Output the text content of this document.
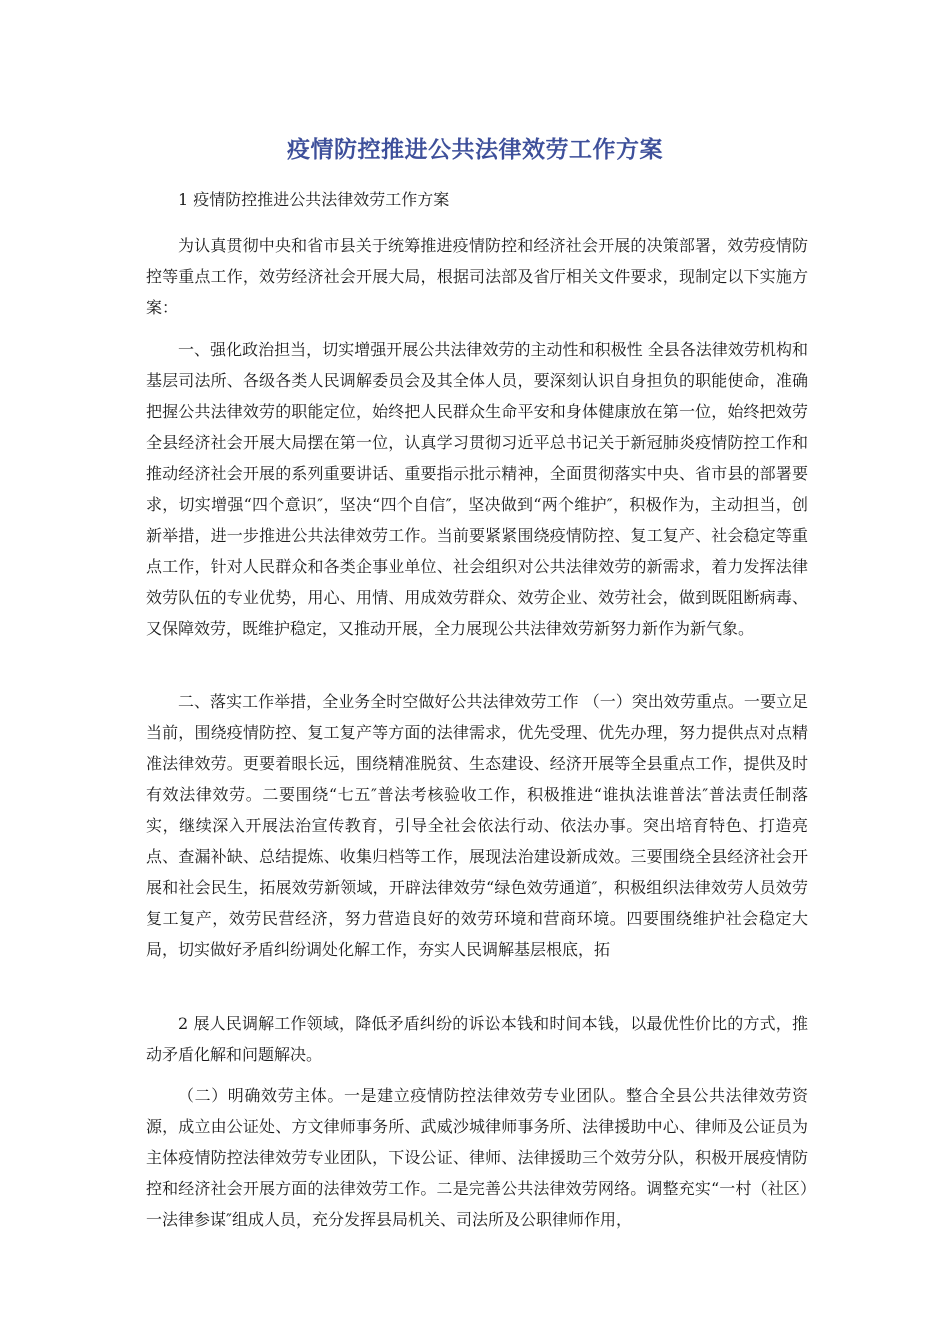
疫情防控推进公共法律效劳工作方案
1 疫情防控推进公共法律效劳工作方案
为认真贯彻中央和省市县关于统筹推进疫情防控和经济社会开展的决策部署，效劳疫情防控等重点工作，效劳经济社会开展大局，根据司法部及省厅相关文件要求，现制定以下实施方案：
一、强化政治担当，切实增强开展公共法律效劳的主动性和积极性 全县各法律效劳机构和基层司法所、各级各类人民调解委员会及其全体人员，要深刻认识自身担负的职能使命，准确把握公共法律效劳的职能定位，始终把人民群众生命平安和身体健康放在第一位，始终把效劳全县经济社会开展大局摆在第一位，认真学习贯彻习近平总书记关于新冠肺炎疫情防控工作和推动经济社会开展的系列重要讲话、重要指示批示精神，全面贯彻落实中央、省市县的部署要求，切实增强“四个意识″，坚决“四个自信″，坚决做到“两个维护″，积极作为，主动担当，创新举措，进一步推进公共法律效劳工作。当前要紧紧围绕疫情防控、复工复产、社会稳定等重点工作，针对人民群众和各类企事业单位、社会组织对公共法律效劳的新需求，着力发挥法律效劳队伍的专业优势，用心、用情、用成效劳群众、效劳企业、效劳社会，做到既阻断病毒、又保障效劳，既维护稳定，又推动开展，全力展现公共法律效劳新努力新作为新气象。
二、落实工作举措，全业务全时空做好公共法律效劳工作 （一）突出效劳重点。一要立足当前，围绕疫情防控、复工复产等方面的法律需求，优先受理、优先办理，努力提供点对点精准法律效劳。更要着眼长远，围绕精准脱贫、生态建设、经济开展等全县重点工作，提供及时有效法律效劳。二要围绕“七五″普法考核验收工作，积极推进“谁执法谁普法″普法责任制落实，继续深入开展法治宣传教育，引导全社会依法行动、依法办事。突出培育特色、打造亮点、查漏补缺、总结提炼、收集归档等工作，展现法治建设新成效。三要围绕全县经济社会开展和社会民生，拓展效劳新领域，开辟法律效劳“绿色效劳通道″，积极组织法律效劳人员效劳复工复产，效劳民营经济，努力营造良好的效劳环境和营商环境。四要围绕维护社会稳定大局，切实做好矛盾纠纷调处化解工作，夯实人民调解基层根底，拓
2 展人民调解工作领域，降低矛盾纠纷的诉讼本钱和时间本钱，以最优性价比的方式，推动矛盾化解和问题解决。
（二）明确效劳主体。一是建立疫情防控法律效劳专业团队。整合全县公共法律效劳资源，成立由公证处、方文律师事务所、武威沙城律师事务所、法律援助中心、律师及公证员为主体疫情防控法律效劳专业团队，下设公证、律师、法律援助三个效劳分队，积极开展疫情防控和经济社会开展方面的法律效劳工作。二是完善公共法律效劳网络。调整充实“一村（社区）一法律参谋″组成人员，充分发挥县局机关、司法所及公职律师作用，
